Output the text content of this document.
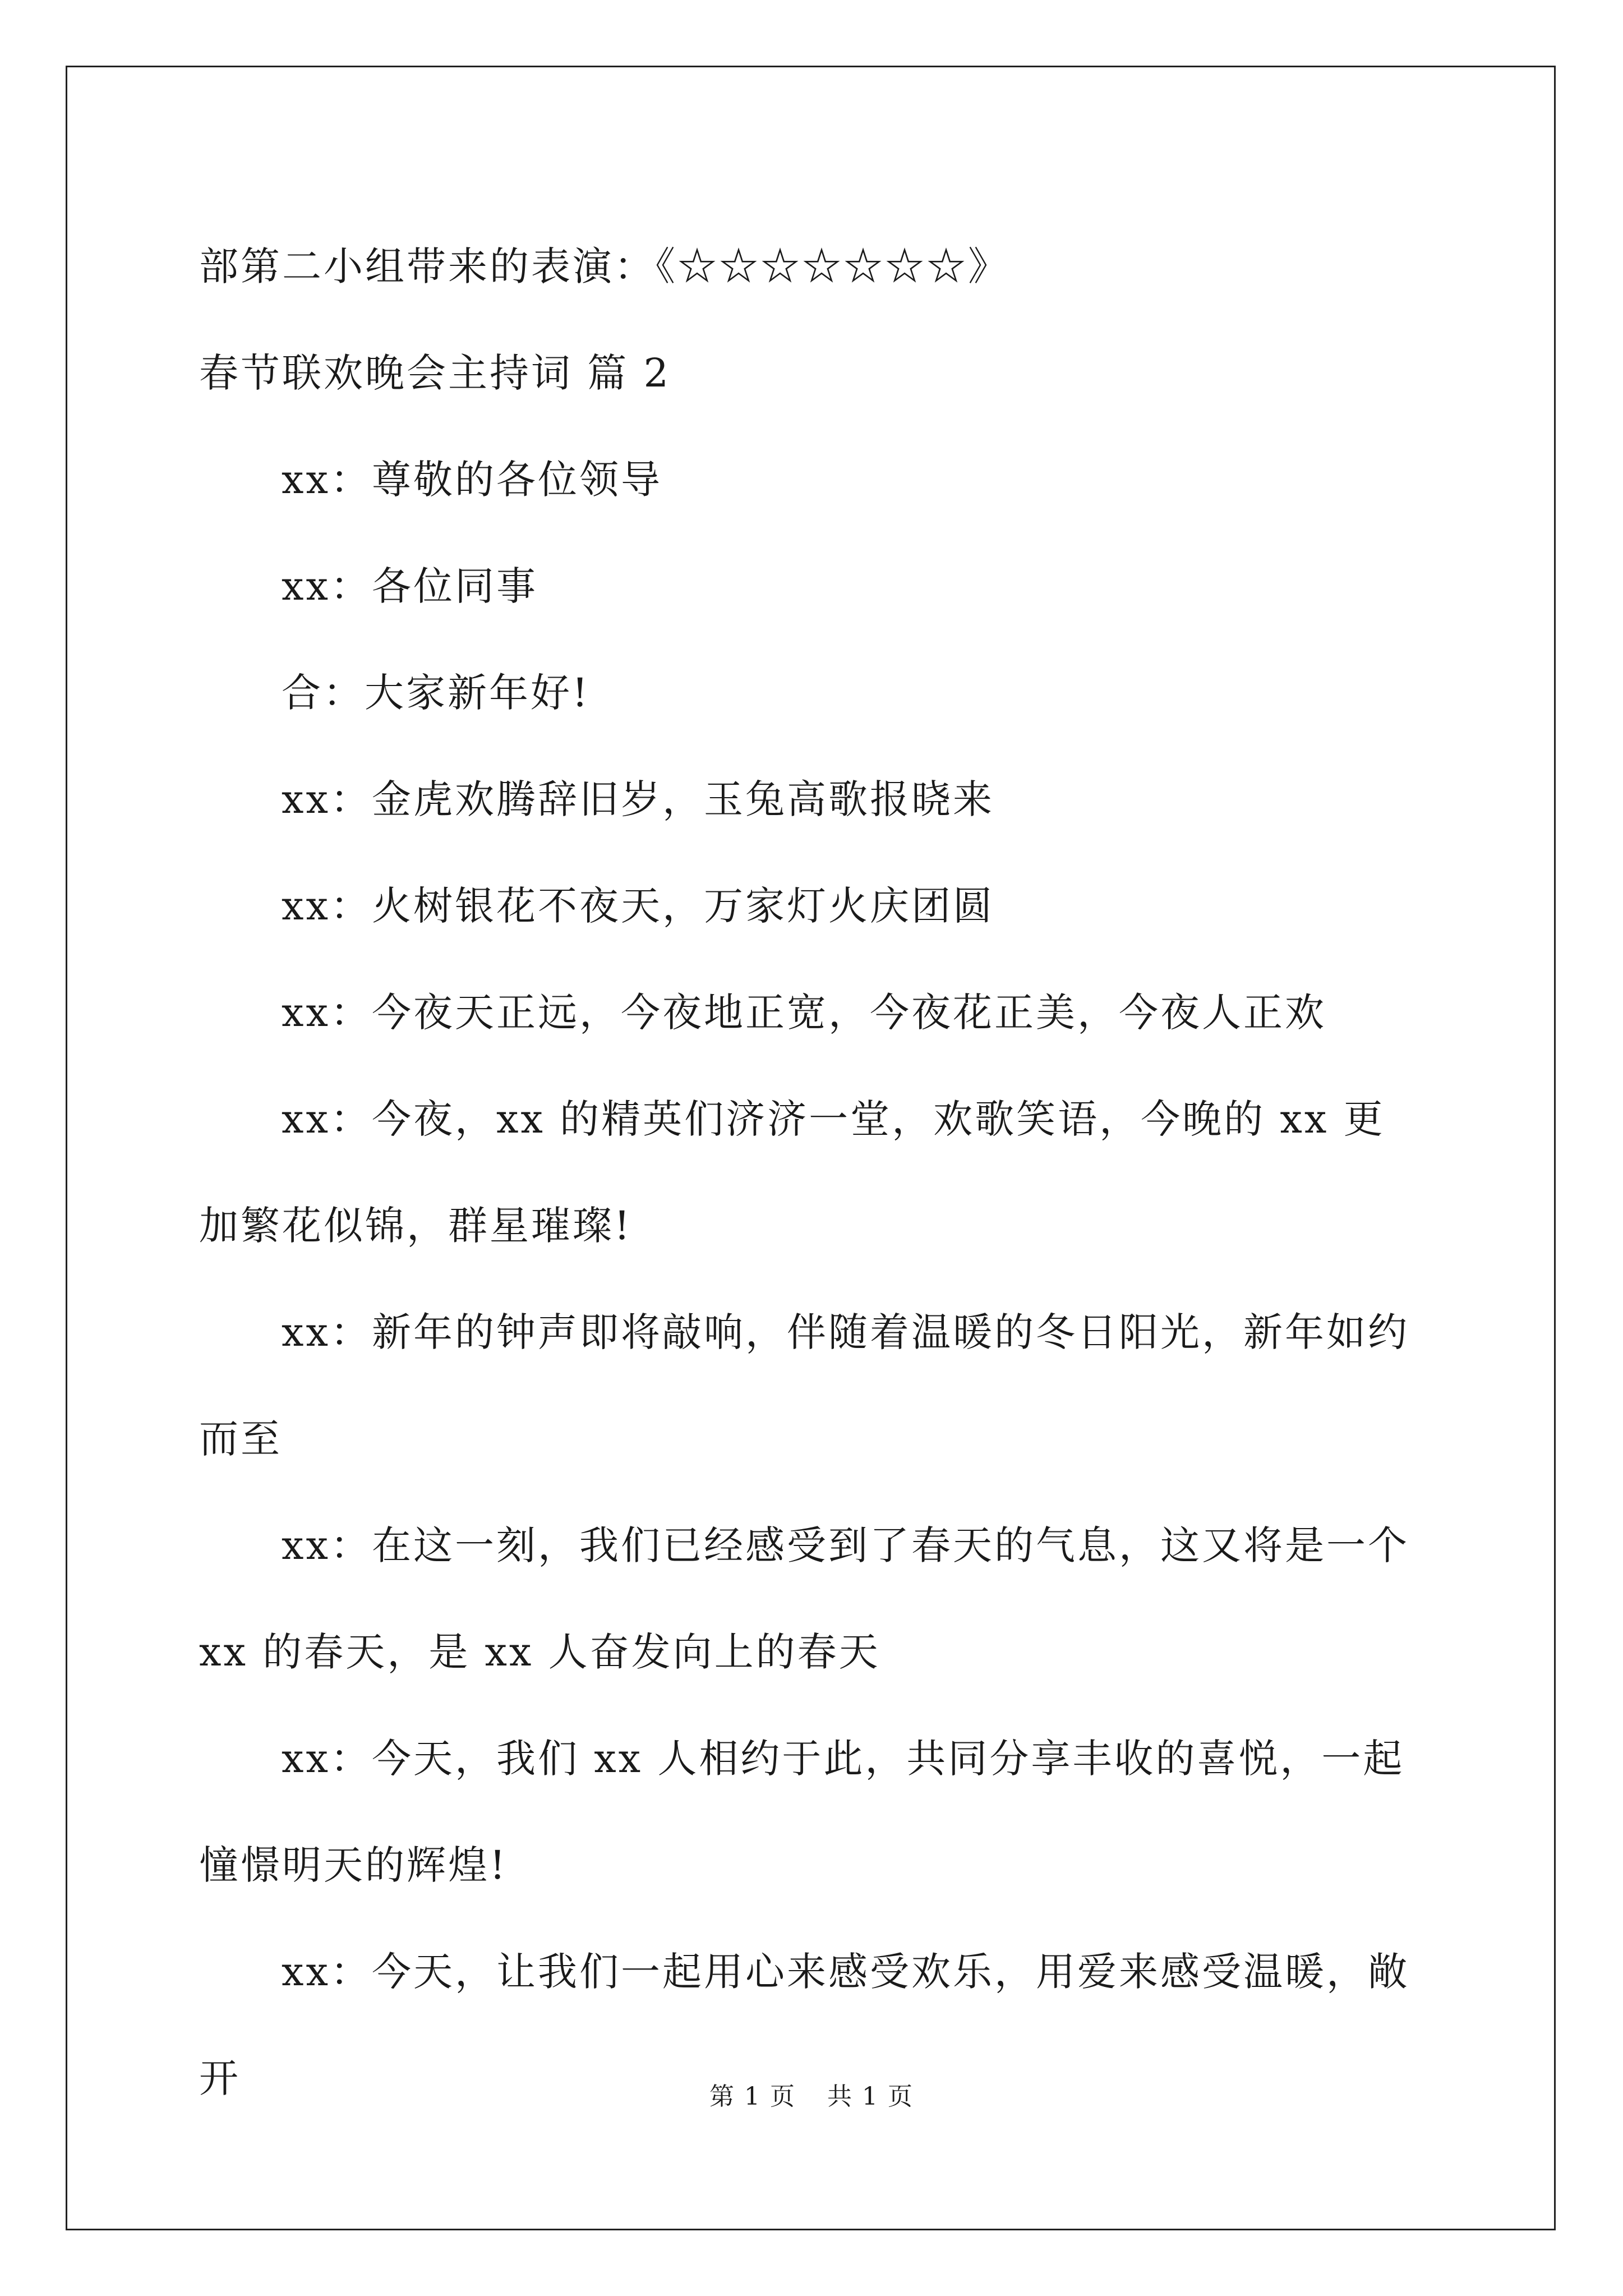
部第二小组带来的表演：《☆☆☆☆☆☆☆》

春节联欢晚会主持词 篇 2

xx：尊敬的各位领导

xx：各位同事

合：大家新年好!

xx：金虎欢腾辞旧岁，玉兔高歌报晓来

xx：火树银花不夜天，万家灯火庆团圆

xx：今夜天正远，今夜地正宽，今夜花正美，今夜人正欢

xx：今夜，xx 的精英们济济一堂，欢歌笑语，今晚的 xx 更加繁花似锦，群星璀璨!

xx：新年的钟声即将敲响，伴随着温暖的冬日阳光，新年如约而至

xx：在这一刻，我们已经感受到了春天的气息，这又将是一个 xx 的春天，是 xx 人奋发向上的春天

xx：今天，我们 xx 人相约于此，共同分享丰收的喜悦，一起憧憬明天的辉煌!

xx：今天，让我们一起用心来感受欢乐，用爱来感受温暖，敞开	第 1 页 共 1 页
